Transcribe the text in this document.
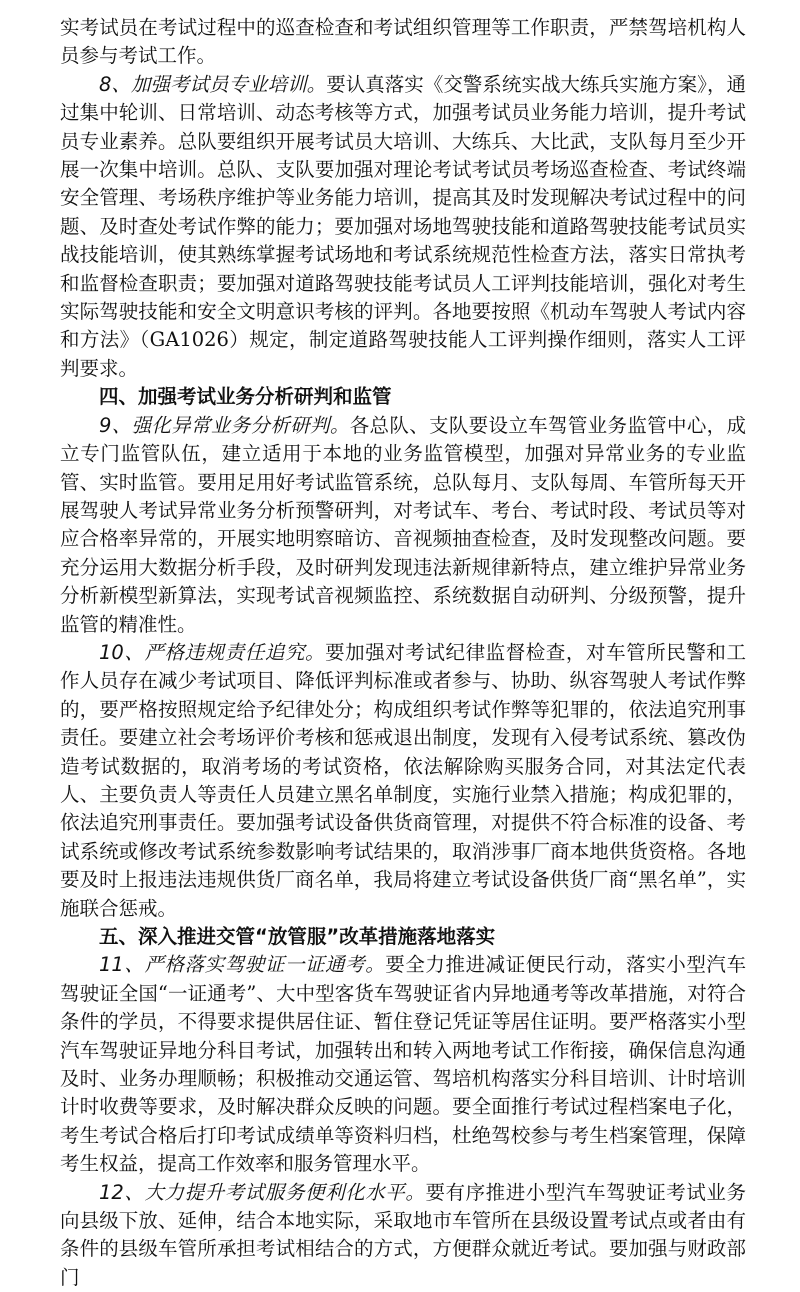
实考试员在考试过程中的巡查检查和考试组织管理等工作职责，严禁驾培机构人员参与考试工作。

8、加强考试员专业培训。要认真落实《交警系统实战大练兵实施方案》，通过集中轮训、日常培训、动态考核等方式，加强考试员业务能力培训，提升考试员专业素养。总队要组织开展考试员大培训、大练兵、大比武，支队每月至少开展一次集中培训。总队、支队要加强对理论考试考试员考场巡查检查、考试终端安全管理、考场秩序维护等业务能力培训，提高其及时发现解决考试过程中的问题、及时查处考试作弊的能力；要加强对场地驾驶技能和道路驾驶技能考试员实战技能培训，使其熟练掌握考试场地和考试系统规范性检查方法，落实日常执考和监督检查职责；要加强对道路驾驶技能考试员人工评判技能培训，强化对考生实际驾驶技能和安全文明意识考核的评判。各地要按照《机动车驾驶人考试内容和方法》（GA1026）规定，制定道路驾驶技能人工评判操作细则，落实人工评判要求。

四、加强考试业务分析研判和监管

9、强化异常业务分析研判。各总队、支队要设立车驾管业务监管中心，成立专门监管队伍，建立适用于本地的业务监管模型，加强对异常业务的专业监管、实时监管。要用足用好考试监管系统，总队每月、支队每周、车管所每天开展驾驶人考试异常业务分析预警研判，对考试车、考台、考试时段、考试员等对应合格率异常的，开展实地明察暗访、音视频抽查检查，及时发现整改问题。要充分运用大数据分析手段，及时研判发现违法新规律新特点，建立维护异常业务分析新模型新算法，实现考试音视频监控、系统数据自动研判、分级预警，提升监管的精准性。

10、严格违规责任追究。要加强对考试纪律监督检查，对车管所民警和工作人员存在减少考试项目、降低评判标准或者参与、协助、纵容驾驶人考试作弊的，要严格按照规定给予纪律处分；构成组织考试作弊等犯罪的，依法追究刑事责任。要建立社会考场评价考核和惩戒退出制度，发现有入侵考试系统、篡改伪造考试数据的，取消考场的考试资格，依法解除购买服务合同，对其法定代表人、主要负责人等责任人员建立黑名单制度，实施行业禁入措施；构成犯罪的，依法追究刑事责任。要加强考试设备供货商管理，对提供不符合标准的设备、考试系统或修改考试系统参数影响考试结果的，取消涉事厂商本地供货资格。各地要及时上报违法违规供货厂商名单，我局将建立考试设备供货厂商“黑名单”，实施联合惩戒。

五、深入推进交管“放管服”改革措施落地落实

11、严格落实驾驶证一证通考。要全力推进减证便民行动，落实小型汽车驾驶证全国“一证通考”、大中型客货车驾驶证省内异地通考等改革措施，对符合条件的学员，不得要求提供居住证、暂住登记凭证等居住证明。要严格落实小型汽车驾驶证异地分科目考试，加强转出和转入两地考试工作衔接，确保信息沟通及时、业务办理顺畅；积极推动交通运管、驾培机构落实分科目培训、计时培训计时收费等要求，及时解决群众反映的问题。要全面推行考试过程档案电子化，考生考试合格后打印考试成绩单等资料归档，杜绝驾校参与考生档案管理，保障考生权益，提高工作效率和服务管理水平。

12、大力提升考试服务便利化水平。要有序推进小型汽车驾驶证考试业务向县级下放、延伸，结合本地实际，采取地市车管所在县级设置考试点或者由有条件的县级车管所承担考试相结合的方式，方便群众就近考试。要加强与财政部门
